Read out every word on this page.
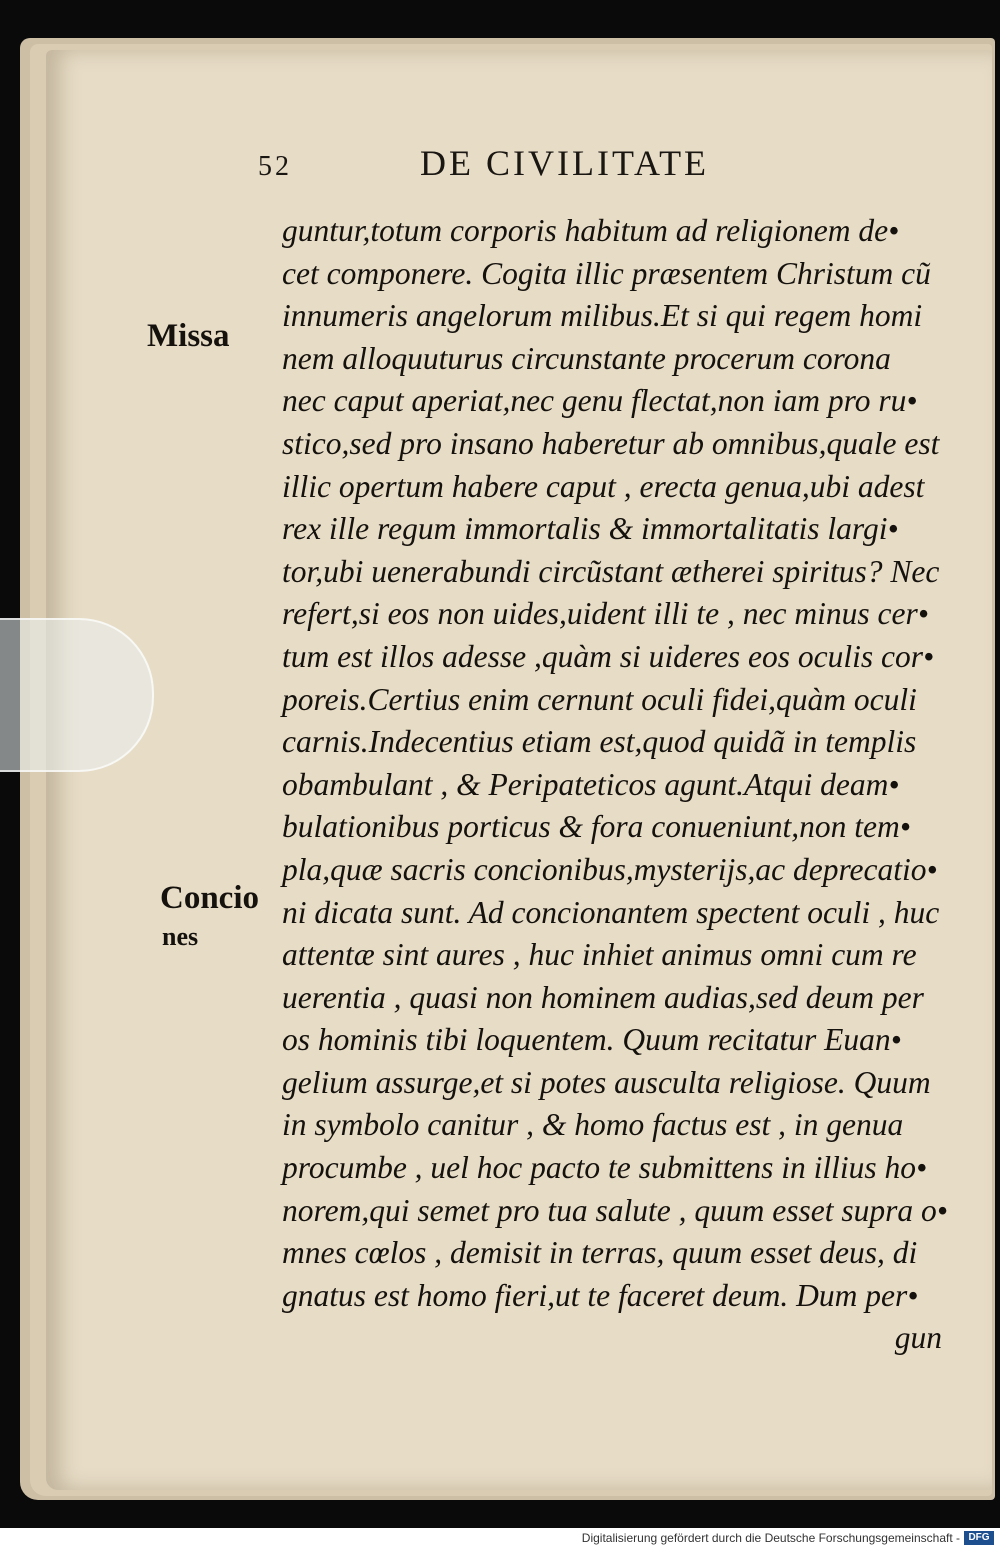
52	DE CIVILITATE
Missa
Concio
nes
guntur,totum corporis habitum ad religionem de•
cet componere. Cogita illic præsentem Christum cũ
innumeris angelorum milibus.Et si qui regem homi
nem alloquuturus circunstante procerum corona
nec caput aperiat,nec genu flectat,non iam pro ru•
stico,sed pro insano haberetur ab omnibus,quale est
illic opertum habere caput , erecta genua,ubi adest
rex ille regum immortalis & immortalitatis largi•
tor,ubi uenerabundi circũstant ætherei spiritus? Nec
refert,si eos non uides,uident illi te , nec minus cer•
tum est illos adesse ,quàm si uideres eos oculis cor•
poreis.Certius enim cernunt oculi fidei,quàm oculi
carnis.Indecentius etiam est,quod quidã in templis
obambulant , & Peripateticos agunt.Atqui deam•
bulationibus porticus & fora conueniunt,non tem•
pla,quæ sacris concionibus,mysterijs,ac deprecatio•
ni dicata sunt. Ad concionantem spectent oculi , huc
attentæ sint aures , huc inhiet animus omni cum re
uerentia , quasi non hominem audias,sed deum per
os hominis tibi loquentem. Quum recitatur Euan•
gelium assurge,et si potes ausculta religiose. Quum
in symbolo canitur , & homo factus est , in genua
procumbe , uel hoc pacto te submittens in illius ho•
norem,qui semet pro tua salute , quum esset supra o•
mnes cœlos , demisit in terras, quum esset deus, di
gnatus est homo fieri,ut te faceret deum. Dum per•
gun
Digitalisierung gefördert durch die Deutsche Forschungsgemeinschaft - DFG
